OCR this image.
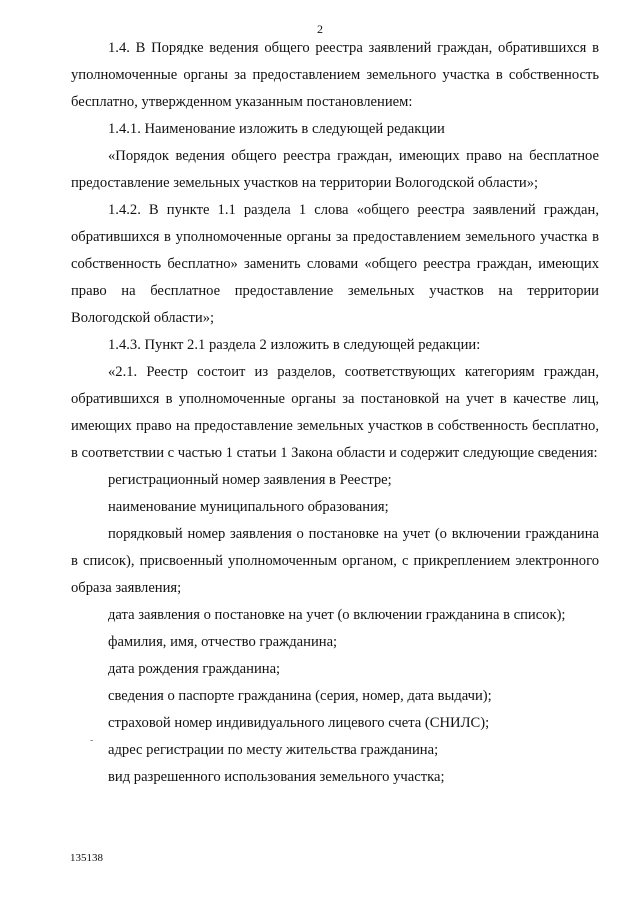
2

1.4. В Порядке ведения общего реестра заявлений граждан, обратившихся в уполномоченные органы за предоставлением земельного участка в собственность бесплатно, утвержденном указанным постановлением:

1.4.1. Наименование изложить в следующей редакции

«Порядок ведения общего реестра граждан, имеющих право на бесплатное предоставление земельных участков на территории Вологодской области»;

1.4.2. В пункте 1.1 раздела 1 слова «общего реестра заявлений граждан, обратившихся в уполномоченные органы за предоставлением земельного участка в собственность бесплатно» заменить словами «общего реестра граждан, имеющих право на бесплатное предоставление земельных участков на территории Вологодской области»;

1.4.3. Пункт 2.1 раздела 2 изложить в следующей редакции:

«2.1. Реестр состоит из разделов, соответствующих категориям граждан, обратившихся в уполномоченные органы за постановкой на учет в качестве лиц, имеющих право на предоставление земельных участков в собственность бесплатно, в соответствии с частью 1 статьи 1 Закона области и содержит следующие сведения:

регистрационный номер заявления в Реестре;

наименование муниципального образования;

порядковый номер заявления о постановке на учет (о включении гражданина в список), присвоенный уполномоченным органом, с прикреплением электронного образа заявления;

дата заявления о постановке на учет (о включении гражданина в список);

фамилия, имя, отчество гражданина;

дата рождения гражданина;

сведения о паспорте гражданина (серия, номер, дата выдачи);

страховой номер индивидуального лицевого счета (СНИЛС);

адрес регистрации по месту жительства гражданина;

вид разрешенного использования земельного участка;

-
135138
